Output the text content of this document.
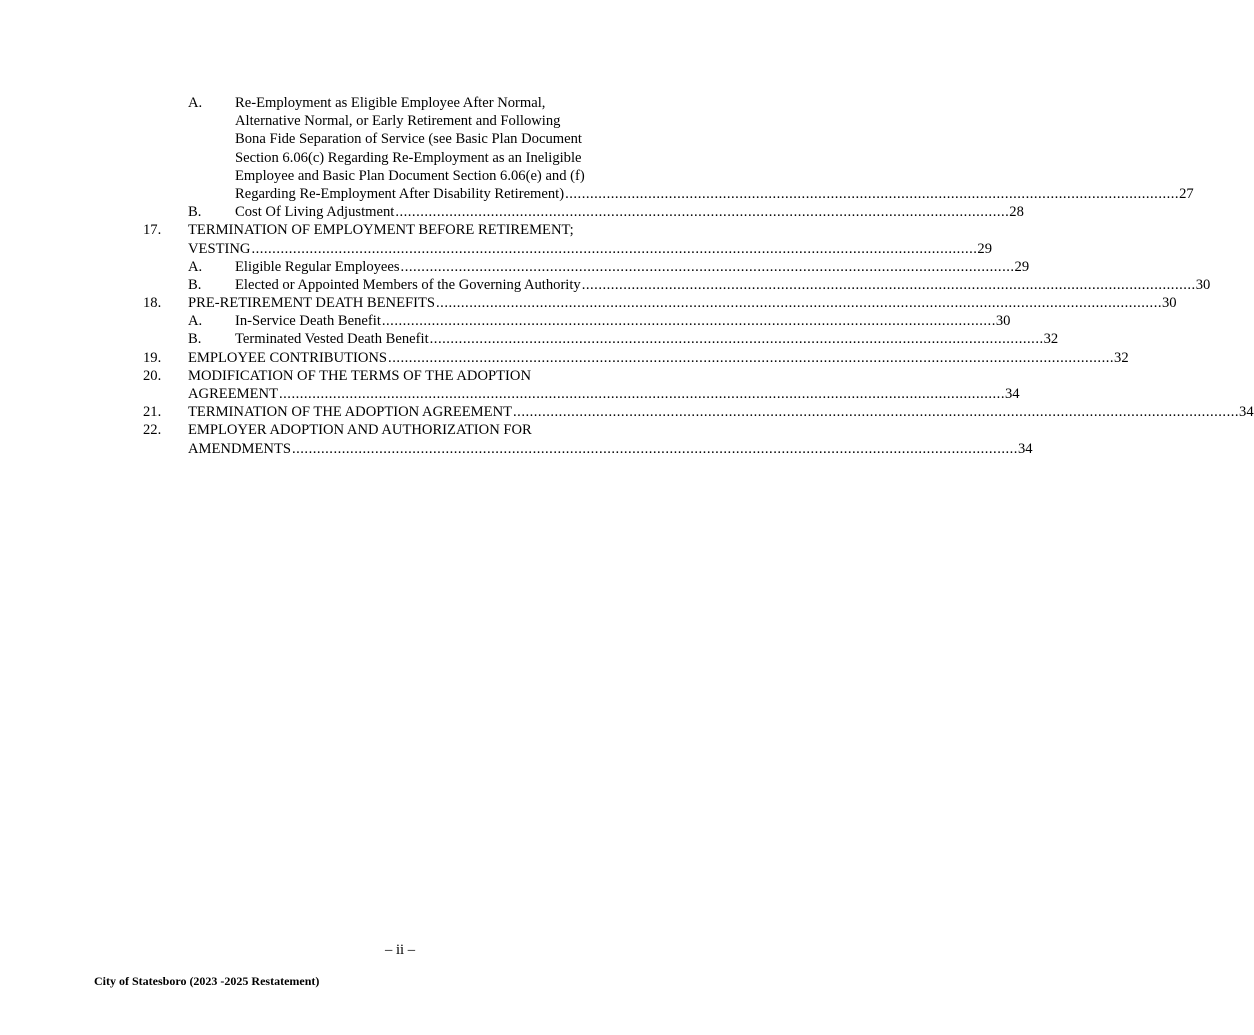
A. Re-Employment as Eligible Employee After Normal,
Alternative Normal, or Early Retirement and Following
Bona Fide Separation of Service (see Basic Plan Document
Section 6.06(c) Regarding Re-Employment as an Ineligible
Employee and Basic Plan Document Section 6.06(e) and (f)
Regarding Re-Employment After Disability Retirement) .................................................................................................................................................... 27
B. Cost Of Living Adjustment .................................................................................................................................................... 28
17. TERMINATION OF EMPLOYMENT BEFORE RETIREMENT;
VESTING ............................................................................................................................................................................... 29
A. Eligible Regular Employees .................................................................................................................................................... 29
B. Elected or Appointed Members of the Governing Authority .................................................................................................................................................... 30
18. PRE-RETIREMENT DEATH BENEFITS ............................................................................................................................................................................... 30
A. In-Service Death Benefit .................................................................................................................................................... 30
B. Terminated Vested Death Benefit .................................................................................................................................................... 32
19. EMPLOYEE CONTRIBUTIONS ............................................................................................................................................................................... 32
20. MODIFICATION OF THE TERMS OF THE ADOPTION
AGREEMENT ............................................................................................................................................................................... 34
21. TERMINATION OF THE ADOPTION AGREEMENT ............................................................................................................................................................................... 34
22. EMPLOYER ADOPTION AND AUTHORIZATION FOR
AMENDMENTS ............................................................................................................................................................................... 34
– ii –
City of Statesboro (2023 -2025 Restatement)
